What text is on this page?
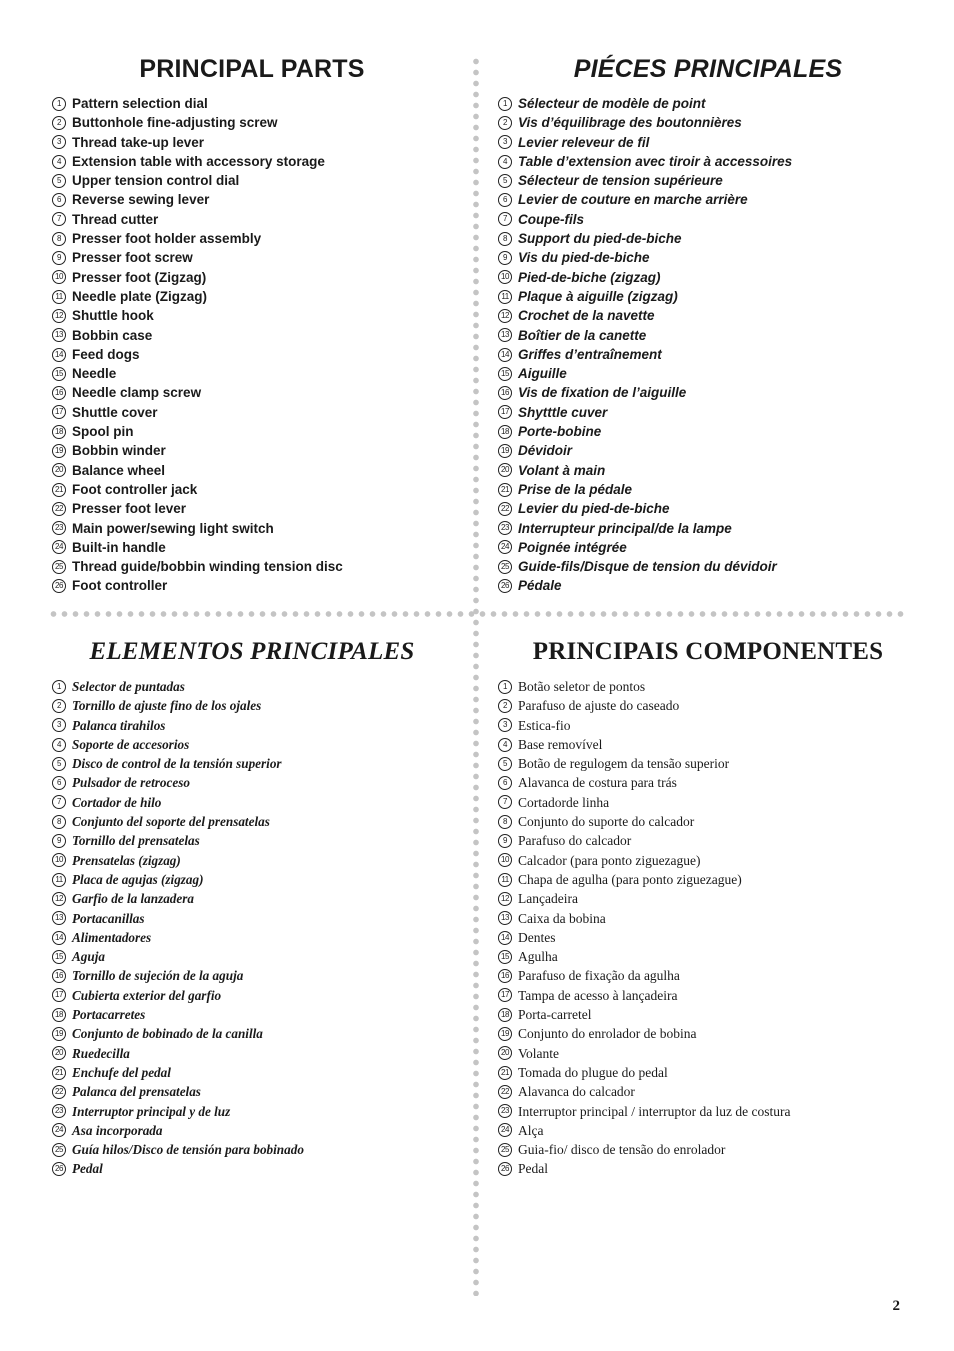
PRINCIPAL PARTS
1 Pattern selection dial
2 Buttonhole fine-adjusting screw
3 Thread take-up lever
4 Extension table with accessory storage
5 Upper tension control dial
6 Reverse sewing lever
7 Thread cutter
8 Presser foot holder assembly
9 Presser foot screw
10 Presser foot (Zigzag)
11 Needle plate (Zigzag)
12 Shuttle hook
13 Bobbin case
14 Feed dogs
15 Needle
16 Needle clamp screw
17 Shuttle cover
18 Spool pin
19 Bobbin winder
20 Balance wheel
21 Foot controller jack
22 Presser foot lever
23 Main power/sewing light switch
24 Built-in handle
25 Thread guide/bobbin winding tension disc
26 Foot controller
PIÉCES PRINCIPALES
1 Sélecteur de modèle de point
2 Vis d’équilibrage des boutonnières
3 Levier releveur de fil
4 Table d’extension avec tiroir à accessoires
5 Sélecteur de tension supérieure
6 Levier de couture en marche arrière
7 Coupe-fils
8 Support du pied-de-biche
9 Vis du pied-de-biche
10 Pied-de-biche (zigzag)
11 Plaque à aiguille (zigzag)
12 Crochet de la navette
13 Boîtier de la canette
14 Griffes d’entraînement
15 Aiguille
16 Vis de fixation de l’aiguille
17 Shytttle cuver
18 Porte-bobine
19 Dévidoir
20 Volant à main
21 Prise de la pédale
22 Levier du pied-de-biche
23 Interrupteur principal/de la lampe
24 Poignée intégrée
25 Guide-fils/Disque de tension du dévidoir
26 Pédale
ELEMENTOS PRINCIPALES
1 Selector de puntadas
2 Tornillo de ajuste fino de los ojales
3 Palanca tirahilos
4 Soporte de accesorios
5 Disco de control de la tensión superior
6 Pulsador de retroceso
7 Cortador de hilo
8 Conjunto del soporte del prensatelas
9 Tornillo del prensatelas
10 Prensatelas (zigzag)
11 Placa de agujas (zigzag)
12 Garfio de la lanzadera
13 Portacanillas
14 Alimentadores
15 Aguja
16 Tornillo de sujeción de la aguja
17 Cubierta exterior del garfio
18 Portacarretes
19 Conjunto de bobinado de la canilla
20 Ruedecilla
21 Enchufe del pedal
22 Palanca del prensatelas
23 Interruptor principal y de luz
24 Asa incorporada
25 Guía hilos/Disco de tensión para bobinado
26 Pedal
PRINCIPAIS COMPONENTES
1 Botão seletor de pontos
2 Parafuso de ajuste do caseado
3 Estica-fio
4 Base removível
5 Botão de regulogem da tensão superior
6 Alavanca de costura para trás
7 Cortadorde linha
8 Conjunto do suporte do calcador
9 Parafuso do calcador
10 Calcador (para ponto ziguezague)
11 Chapa de agulha (para ponto ziguezague)
12 Lançadeira
13 Caixa da bobina
14 Dentes
15 Agulha
16 Parafuso de fixação da agulha
17 Tampa de acesso à lançadeira
18 Porta-carretel
19 Conjunto do enrolador de bobina
20 Volante
21 Tomada do plugue do pedal
22 Alavanca do calcador
23 Interruptor principal / interruptor da luz de costura
24 Alça
25 Guia-fio/ disco de tensão do enrolador
26 Pedal
2
